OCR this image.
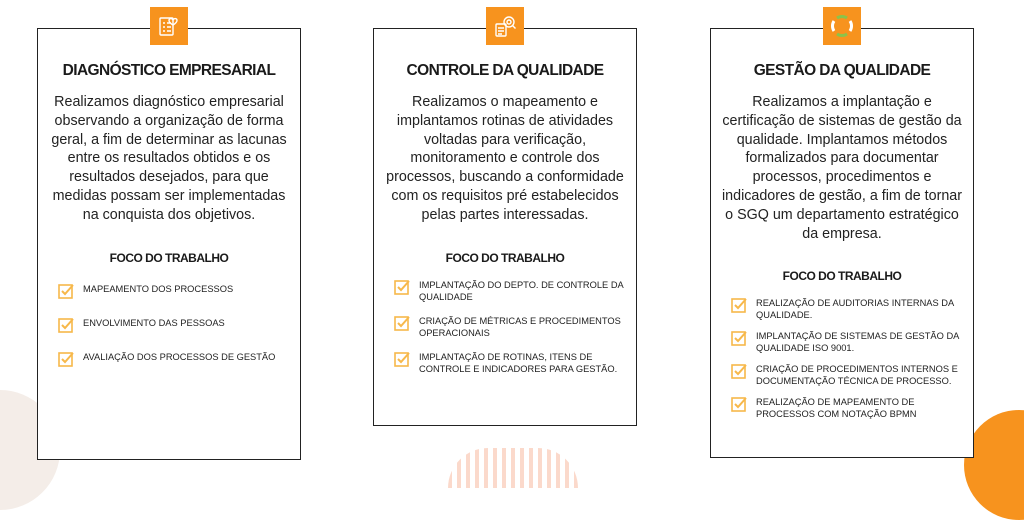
DIAGNÓSTICO EMPRESARIAL
Realizamos diagnóstico empresarial observando a organização de forma geral, a fim de determinar as lacunas entre os resultados obtidos e os resultados desejados, para que medidas possam ser implementadas na conquista dos objetivos.
FOCO DO TRABALHO
MAPEAMENTO DOS PROCESSOS
ENVOLVIMENTO DAS PESSOAS
AVALIAÇÃO DOS PROCESSOS DE GESTÃO
CONTROLE DA QUALIDADE
Realizamos o mapeamento e implantamos rotinas de atividades voltadas para verificação, monitoramento e controle dos processos, buscando a conformidade com os requisitos pré estabelecidos pelas partes interessadas.
FOCO DO TRABALHO
IMPLANTAÇÃO DO DEPTO. DE CONTROLE DA QUALIDADE
CRIAÇÃO DE MÉTRICAS E PROCEDIMENTOS OPERACIONAIS
IMPLANTAÇÃO DE ROTINAS, ITENS DE CONTROLE E INDICADORES PARA GESTÃO.
GESTÃO DA QUALIDADE
Realizamos a implantação e certificação de sistemas de gestão da qualidade. Implantamos métodos formalizados para documentar processos, procedimentos e indicadores de gestão, a fim de tornar o SGQ um departamento estratégico da empresa.
FOCO DO TRABALHO
REALIZAÇÃO DE AUDITORIAS INTERNAS DA QUALIDADE.
IMPLANTAÇÃO DE SISTEMAS DE GESTÃO DA QUALIDADE ISO 9001.
CRIAÇÃO DE PROCEDIMENTOS INTERNOS E DOCUMENTAÇÃO TÉCNICA DE PROCESSO.
REALIZAÇÃO DE MAPEAMENTO DE PROCESSOS COM NOTAÇÃO BPMN
